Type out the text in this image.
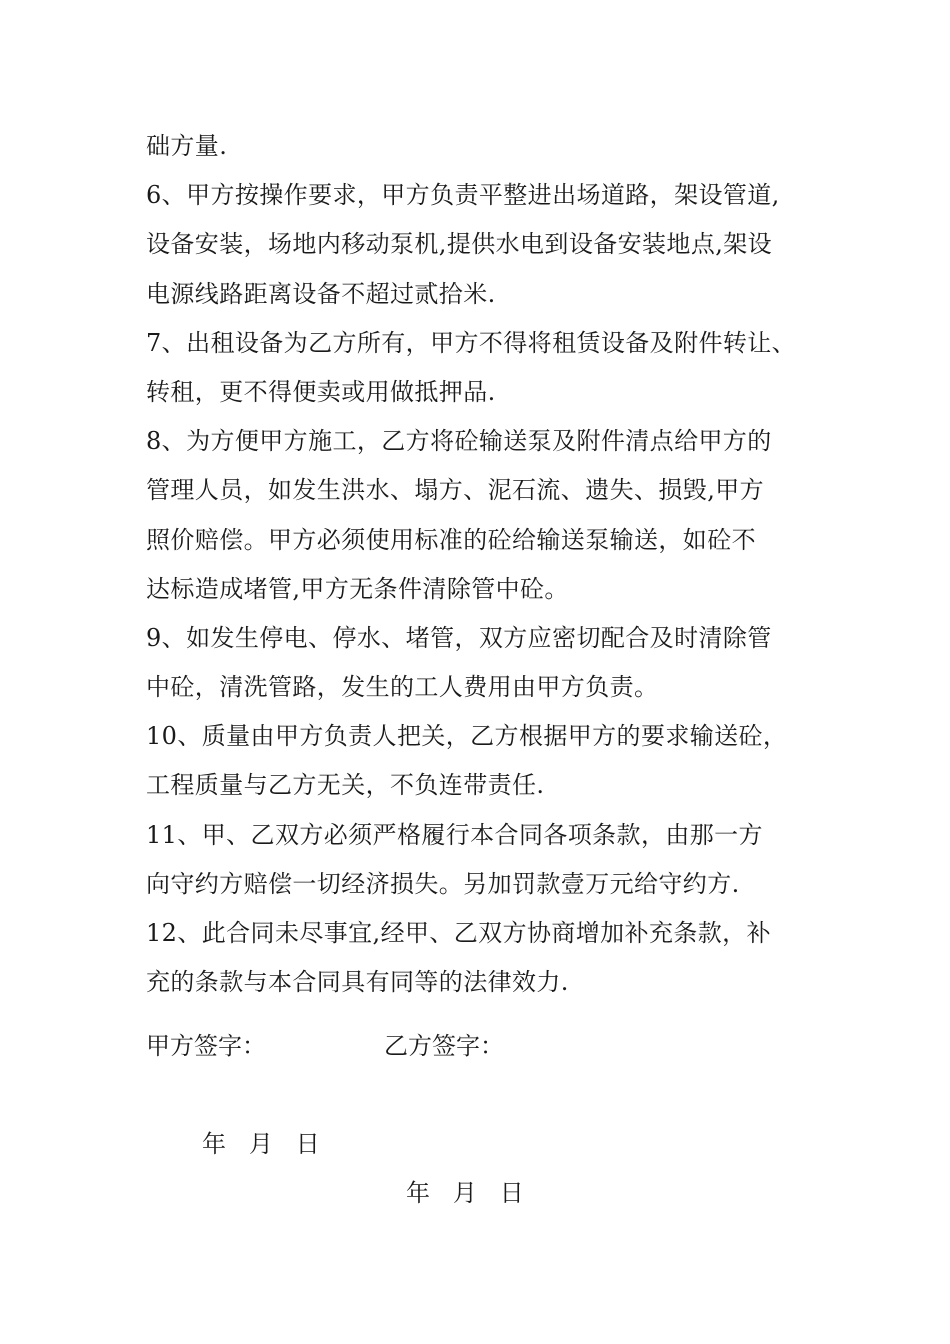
础方量.
6、甲方按操作要求，甲方负责平整进出场道路，架设管道,
设备安装，场地内移动泵机,提供水电到设备安装地点,架设
电源线路距离设备不超过贰拾米.
7、出租设备为乙方所有，甲方不得将租赁设备及附件转让、
转租，更不得便卖或用做抵押品.
8、为方便甲方施工，乙方将砼输送泵及附件清点给甲方的
管理人员，如发生洪水、塌方、泥石流、遗失、损毁,甲方
照价赔偿。甲方必须使用标准的砼给输送泵输送，如砼不
达标造成堵管,甲方无条件清除管中砼。
9、如发生停电、停水、堵管，双方应密切配合及时清除管
中砼，清洗管路，发生的工人费用由甲方负责。
10、质量由甲方负责人把关，乙方根据甲方的要求输送砼，
工程质量与乙方无关，不负连带责任.
11、甲、乙双方必须严格履行本合同各项条款，由那一方
向守约方赔偿一切经济损失。另加罚款壹万元给守约方.
12、此合同未尽事宜,经甲、乙双方协商增加补充条款，补
充的条款与本合同具有同等的法律效力.
甲方签字：	乙方签字：

年   月   日

年   月   日
